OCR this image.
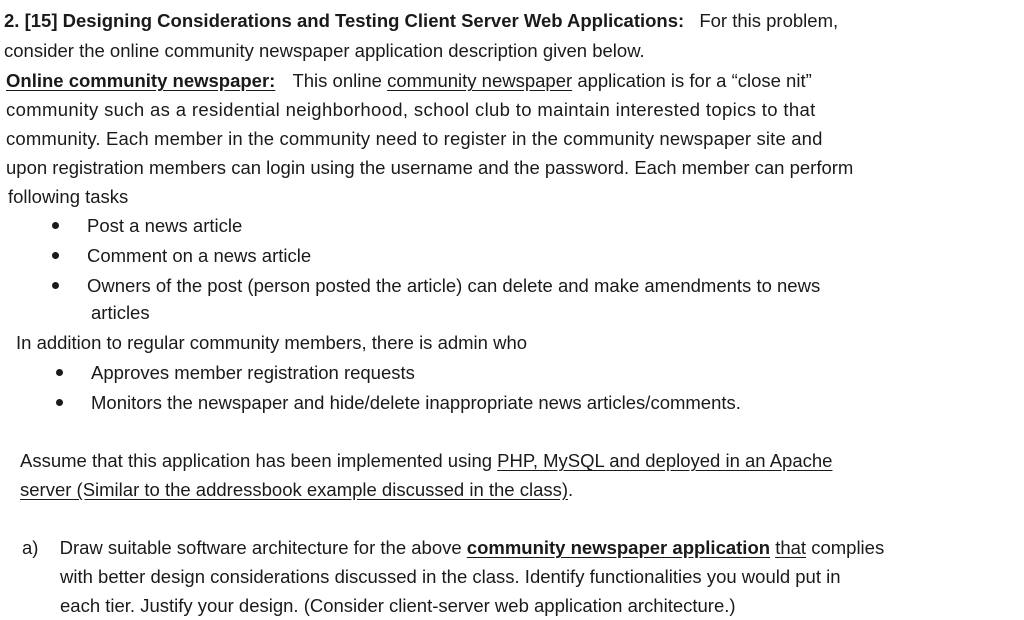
2. [15] Designing Considerations and Testing Client Server Web Applications: For this problem,
consider the online community newspaper application description given below.
Online community newspaper: This online community newspaper application is for a “close nit”
community such as a residential neighborhood, school club to maintain interested topics to that
community. Each member in the community need to register in the community newspaper site and
upon registration members can login using the username and the password. Each member can perform
following tasks
Post a news article
Comment on a news article
Owners of the post (person posted the article) can delete and make amendments to news
articles
In addition to regular community members, there is admin who
Approves member registration requests
Monitors the newspaper and hide/delete inappropriate news articles/comments.
Assume that this application has been implemented using PHP, MySQL and deployed in an Apache
server (Similar to the addressbook example discussed in the class).
a) Draw suitable software architecture for the above community newspaper application that complies
with better design considerations discussed in the class. Identify functionalities you would put in
each tier. Justify your design. (Consider client-server web application architecture.)
